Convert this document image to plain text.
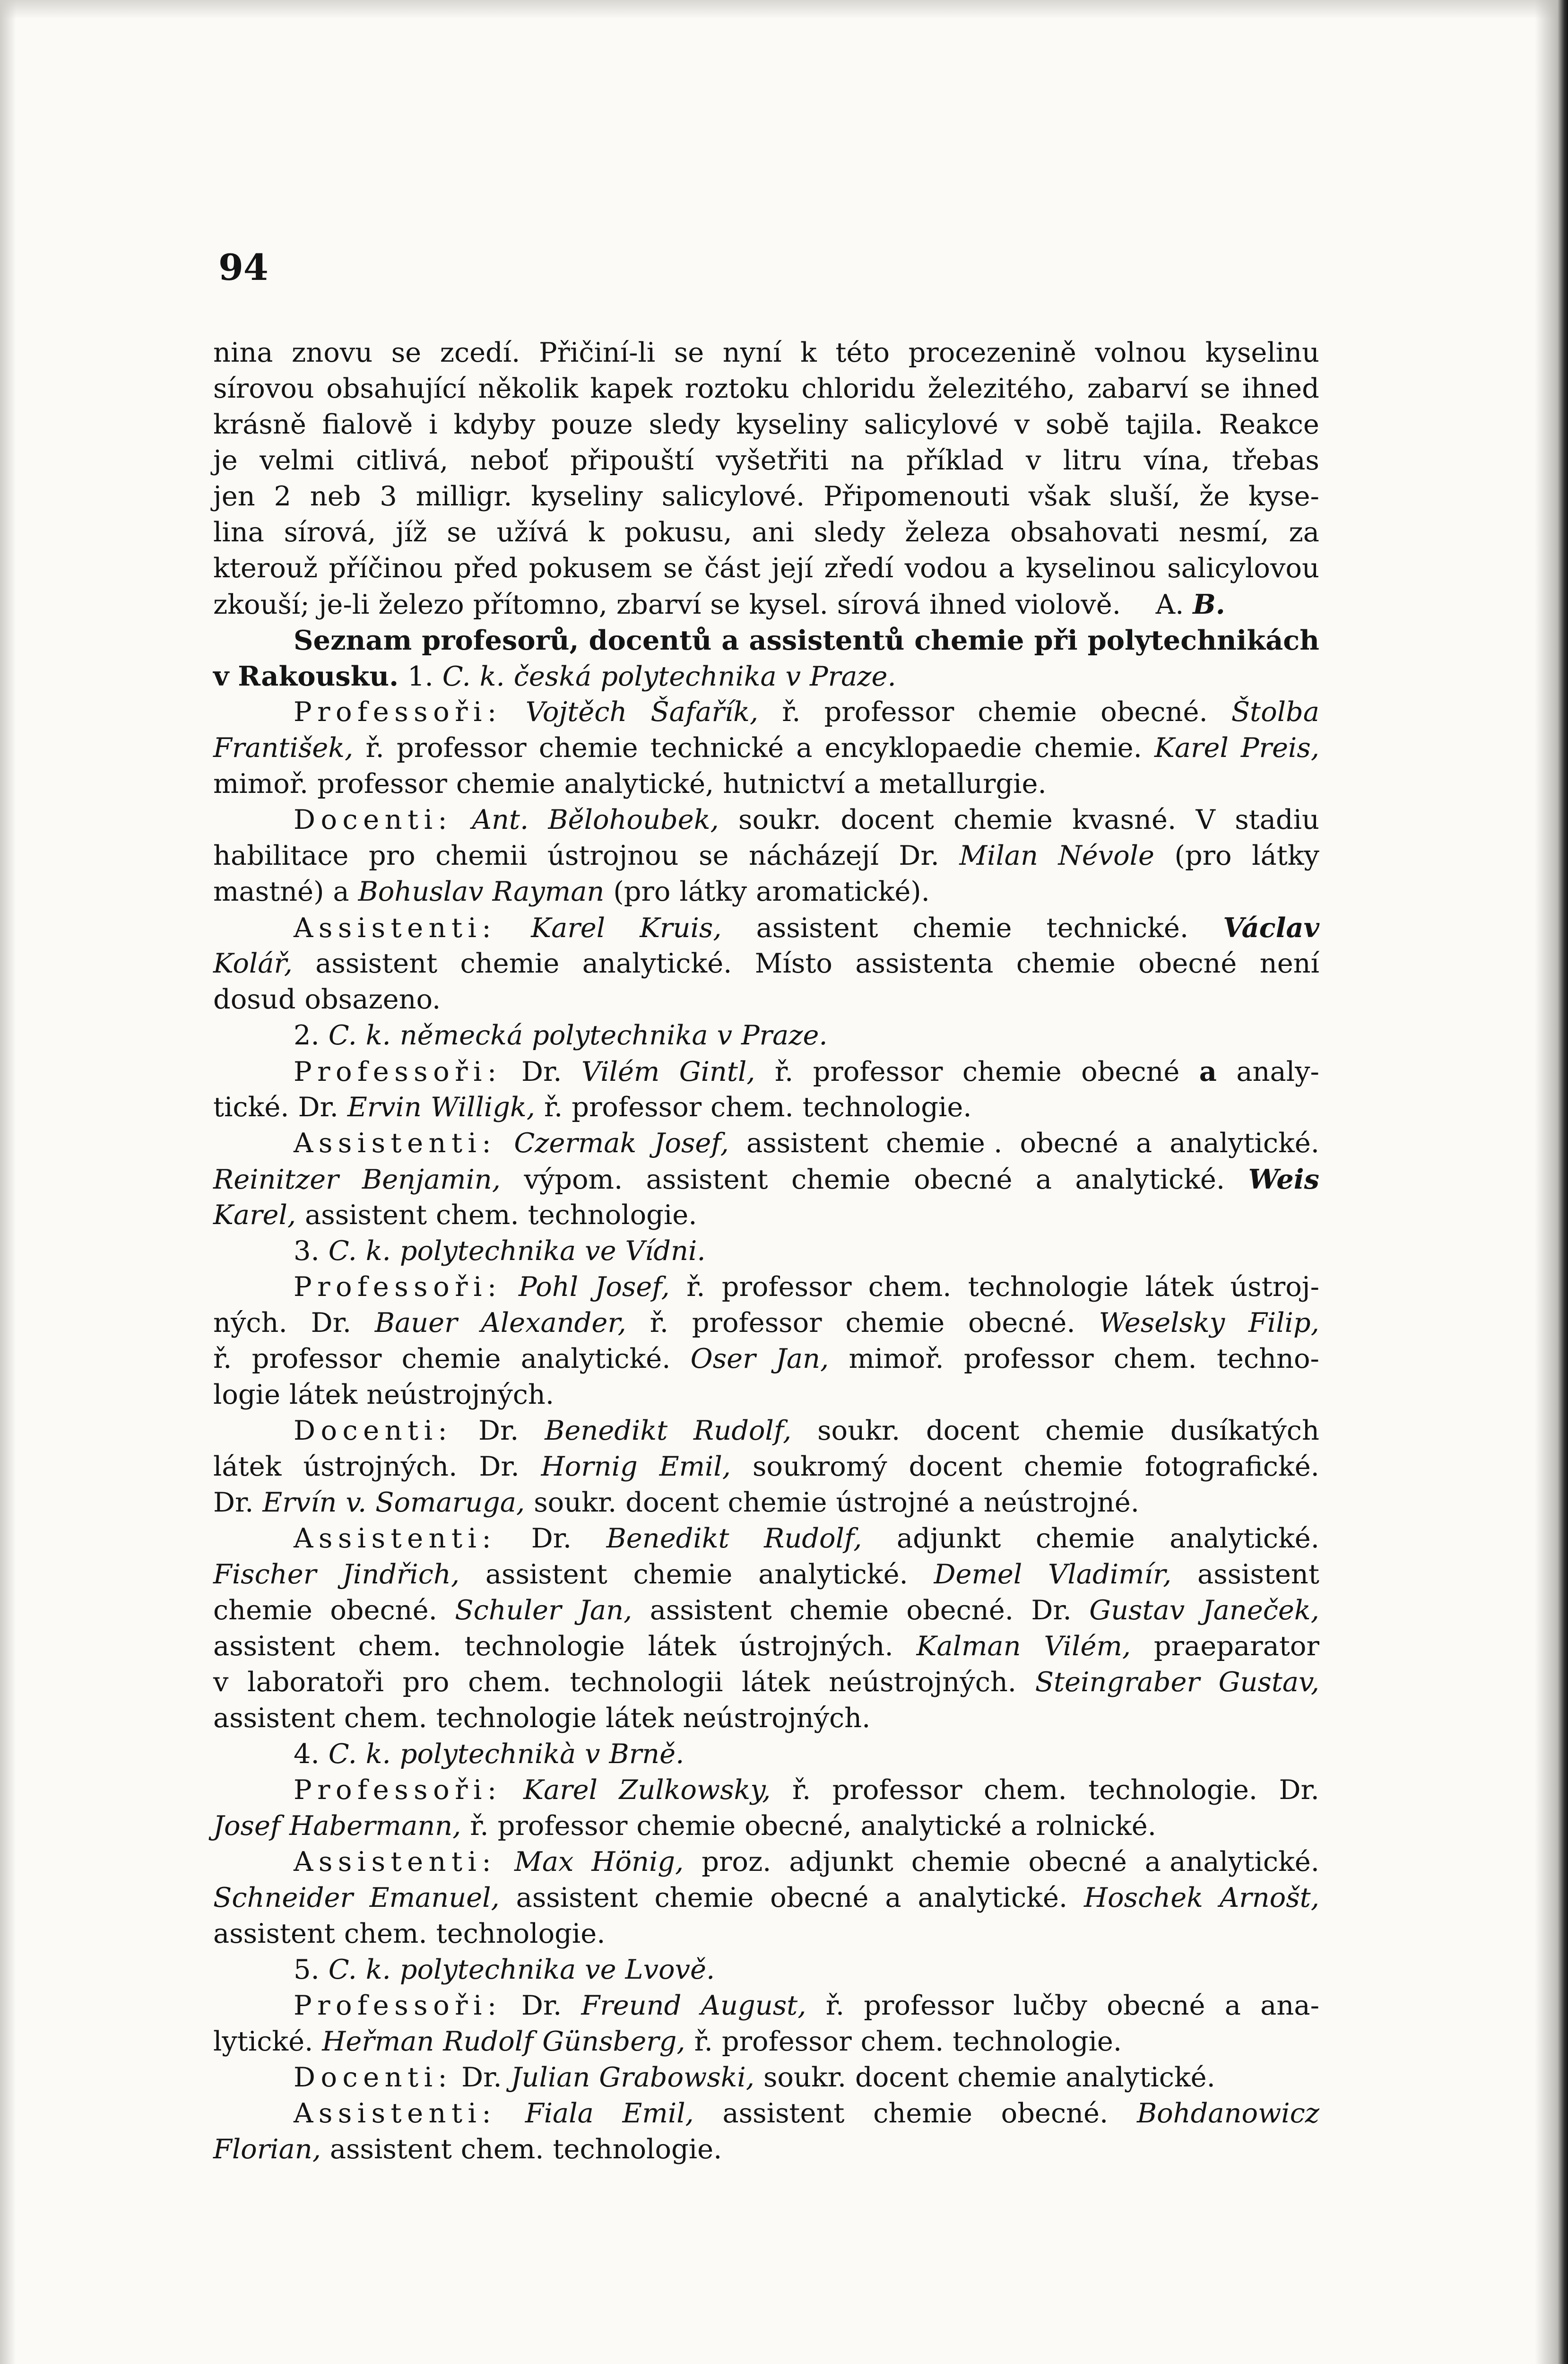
94
nina znovu se zcedí. Přičiní-li se nyní k této procezenině volnou kyselinu
sírovou obsahující několik kapek roztoku chloridu železitého, zabarví se ihned
krásně fialově i kdyby pouze sledy kyseliny salicylové v sobě tajila. Reakce
je velmi citlivá, neboť připouští vyšetřiti na příklad v litru vína, třebas
jen 2 neb 3 milligr. kyseliny salicylové. Připomenouti však sluší, že kyse-
lina sírová, jíž se užívá k pokusu, ani sledy železa obsahovati nesmí, za
kterouž příčinou před pokusem se část její zředí vodou a kyselinou salicylovou
zkouší; je-li železo přítomno, zbarví se kysel. sírová ihned violově. A. B.
Seznam profesorů, docentů a assistentů chemie při polytechnikách
v Rakousku. 1. C. k. česká polytechnika v Praze.
Professoři: Vojtěch Šafařík, ř. professor chemie obecné. Štolba
František, ř. professor chemie technické a encyklopaedie chemie. Karel Preis,
mimoř. professor chemie analytické, hutnictví a metallurgie.
Docenti: Ant. Bělohoubek, soukr. docent chemie kvasné. V stadiu
habilitace pro chemii ústrojnou se nácházejí Dr. Milan Névole (pro látky
mastné) a Bohuslav Rayman (pro látky aromatické).
Assistenti: Karel Kruis, assistent chemie technické. Václav
Kolář, assistent chemie analytické. Místo assistenta chemie obecné není
dosud obsazeno.
2. C. k. německá polytechnika v Praze.
Professoři: Dr. Vilém Gintl, ř. professor chemie obecné a analy-
tické. Dr. Ervin Willigk, ř. professor chem. technologie.
Assistenti: Czermak Josef, assistent chemie . obecné a analytické.
Reinitzer Benjamin, výpom. assistent chemie obecné a analytické. Weis
Karel, assistent chem. technologie.
3. C. k. polytechnika ve Vídni.
Professoři: Pohl Josef, ř. professor chem. technologie látek ústroj-
ných. Dr. Bauer Alexander, ř. professor chemie obecné. Weselsky Filip,
ř. professor chemie analytické. Oser Jan, mimoř. professor chem. techno-
logie látek neústrojných.
Docenti: Dr. Benedikt Rudolf, soukr. docent chemie dusíkatých
látek ústrojných. Dr. Hornig Emil, soukromý docent chemie fotografické.
Dr. Ervín v. Somaruga, soukr. docent chemie ústrojné a neústrojné.
Assistenti: Dr. Benedikt Rudolf, adjunkt chemie analytické.
Fischer Jindřich, assistent chemie analytické. Demel Vladimír, assistent
chemie obecné. Schuler Jan, assistent chemie obecné. Dr. Gustav Janeček,
assistent chem. technologie látek ústrojných. Kalman Vilém, praeparator
v laboratoři pro chem. technologii látek neústrojných. Steingraber Gustav,
assistent chem. technologie látek neústrojných.
4. C. k. polytechnikà v Brně.
Professoři: Karel Zulkowsky, ř. professor chem. technologie. Dr.
Josef Habermann, ř. professor chemie obecné, analytické a rolnické.
Assistenti: Max Hönig, proz. adjunkt chemie obecné a analytické.
Schneider Emanuel, assistent chemie obecné a analytické. Hoschek Arnošt,
assistent chem. technologie.
5. C. k. polytechnika ve Lvově.
Professoři: Dr. Freund August, ř. professor lučby obecné a ana-
lytické. Heřman Rudolf Günsberg, ř. professor chem. technologie.
Docenti: Dr. Julian Grabowski, soukr. docent chemie analytické.
Assistenti: Fiala Emil, assistent chemie obecné. Bohdanowicz
Florian, assistent chem. technologie.
